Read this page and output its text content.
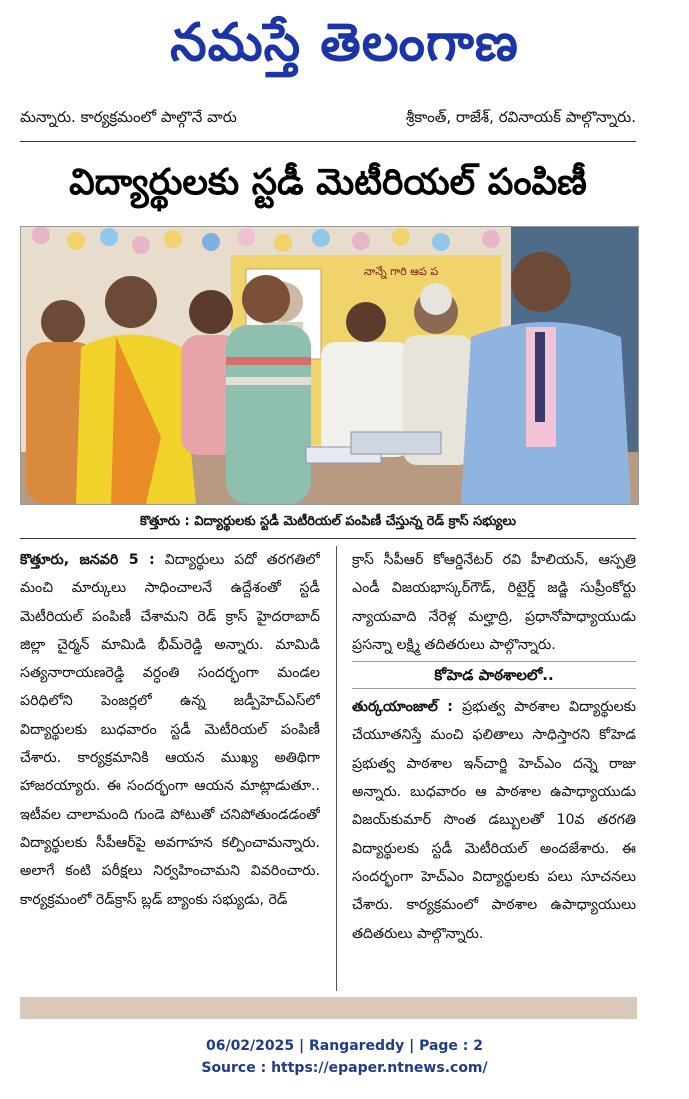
నమస్తే తెలంగాణ
మన్నారు. కార్యక్రమంలో పాల్గొనే వారు	శ్రీకాంత్, రాజేశ్, రవినాయక్ పాల్గొన్నారు.
విద్యార్థులకు స్టడీ మెటీరియల్ పంపిణీ
నాన్నే గారి ఆప ప
కొత్తూరు : విద్యార్థులకు స్టడీ మెటీరియల్ పంపిణీ చేస్తున్న రెడ్ క్రాస్ సభ్యులు
కొత్తూరు, జనవరి 5 : విద్యార్థులు పదో తరగతిలో మంచి మార్కులు సాధించాలనే ఉద్దేశంతో స్టడీ మెటీరియల్ పంపిణీ చేశామని రెడ్ క్రాస్ హైదరాబాద్ జిల్లా చైర్మన్ మామిడి భీమ్‌రెడ్డి అన్నారు. మామిడి సత్యనారాయణరెడ్డి వర్ధంతి సందర్భంగా మండల పరిధిలోని పెంజర్లలో ఉన్న జడ్పీహెచ్ఎస్‌లో విద్యార్థులకు బుధవారం స్టడీ మెటీరియల్ పంపిణీ చేశారు. కార్యక్రమానికి ఆయన ముఖ్య అతిథిగా హాజరయ్యారు. ఈ సందర్భంగా ఆయన మాట్లాడుతూ.. ఇటీవల చాలామంది గుండె పోటుతో చనిపోతుండడంతో విద్యార్థులకు సీపీఆర్‌పై అవగాహన కల్పించామన్నారు. అలాగే కంటి పరీక్షలు నిర్వహించామని వివరించారు. కార్యక్రమంలో రెడ్‌క్రాస్ బ్లడ్ బ్యాంకు సభ్యుడు, రెడ్
క్రాస్ సీపీఆర్ కోఆర్డినేటర్ రవి హీలియన్, ఆస్పత్రి ఎండీ విజయభాస్కర్‌గౌడ్, రిటైర్డ్ జడ్జి సుప్రీంకోర్టు న్యాయవాది నేరెళ్ల మల్హాద్రి, ప్రధానోపాధ్యాయుడు ప్రసన్నా లక్ష్మి తదితరులు పాల్గొన్నారు.
కోహెడ పాఠశాలలో..
తుర్కయాంజాల్ : ప్రభుత్వ పాఠశాల విద్యార్థులకు చేయూతనిస్తే మంచి ఫలితాలు సాధిస్తారని కోహెడ ప్రభుత్వ పాఠశాల ఇన్‌చార్జి హెచ్ఎం దన్నె రాజు అన్నారు. బుధవారం ఆ పాఠశాల ఉపాధ్యాయుడు విజయ్‌కుమార్ సొంత డబ్బులతో 10వ తరగతి విద్యార్థులకు స్టడీ మెటీరియల్ అందజేశారు. ఈ సందర్భంగా హెచ్ఎం విద్యార్థులకు పలు సూచనలు చేశారు. కార్యక్రమంలో పాఠశాల ఉపాధ్యాయులు తదితరులు పాల్గొన్నారు.
06/02/2025 | Rangareddy | Page : 2
Source : https://epaper.ntnews.com/
